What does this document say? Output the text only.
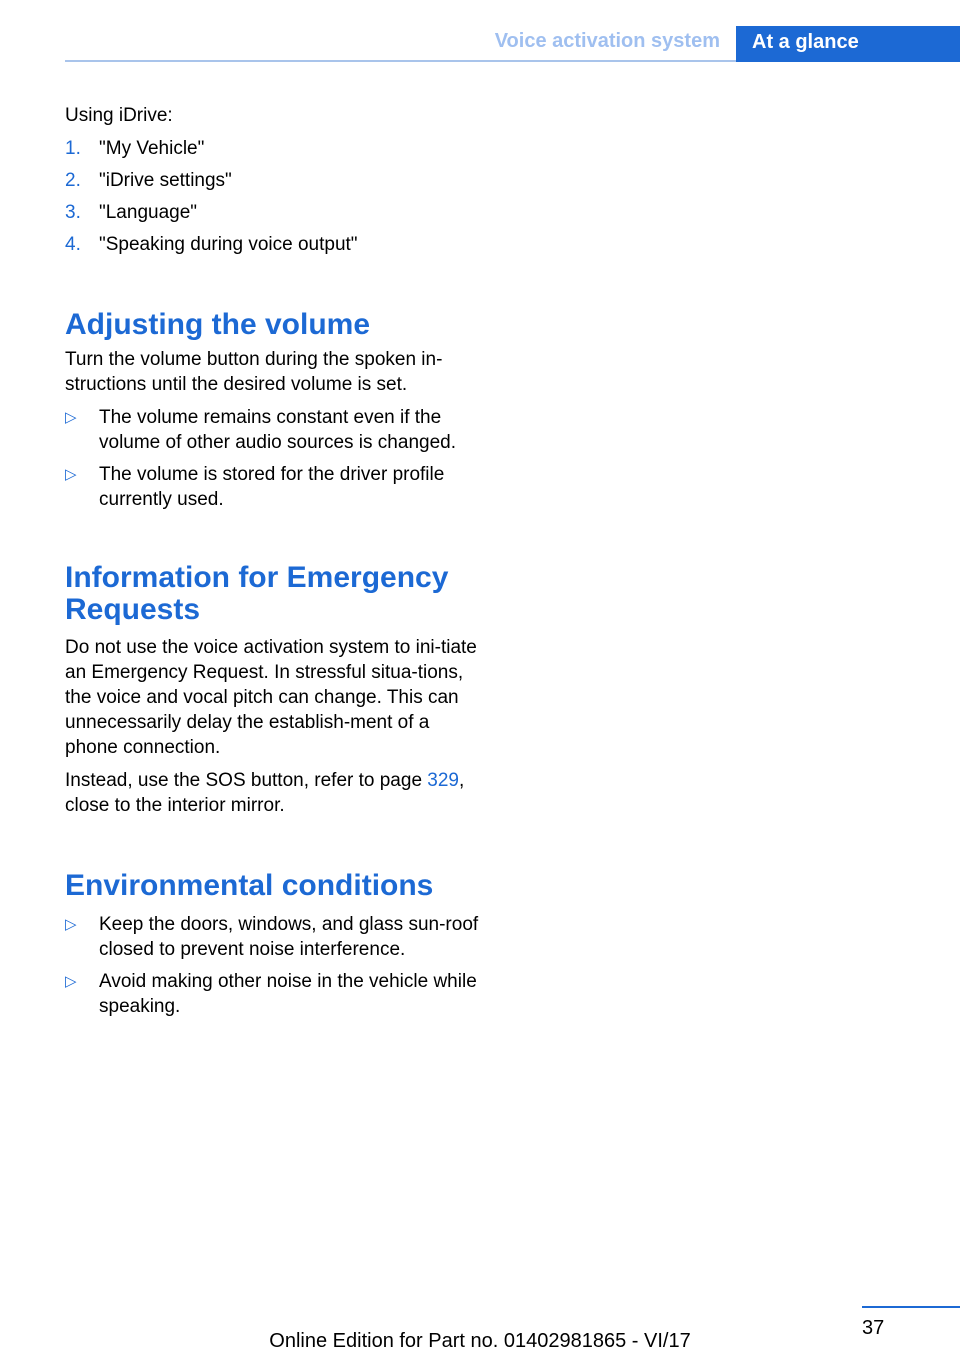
Voice activation system	At a glance

Using iDrive:

1. "My Vehicle"
2. "iDrive settings"
3. "Language"
4. "Speaking during voice output"
Adjusting the volume

Turn the volume button during the spoken in-structions until the desired volume is set.

▷ The volume remains constant even if the volume of other audio sources is changed.
▷ The volume is stored for the driver profile currently used.
Information for Emergency Requests

Do not use the voice activation system to ini-tiate an Emergency Request. In stressful situa-tions, the voice and vocal pitch can change. This can unnecessarily delay the establish-ment of a phone connection.

Instead, use the SOS button, refer to page 329, close to the interior mirror.

Environmental conditions
▷ Keep the doors, windows, and glass sun-roof closed to prevent noise interference.
▷ Avoid making other noise in the vehicle while speaking.
37
Online Edition for Part no. 01402981865 - VI/17
